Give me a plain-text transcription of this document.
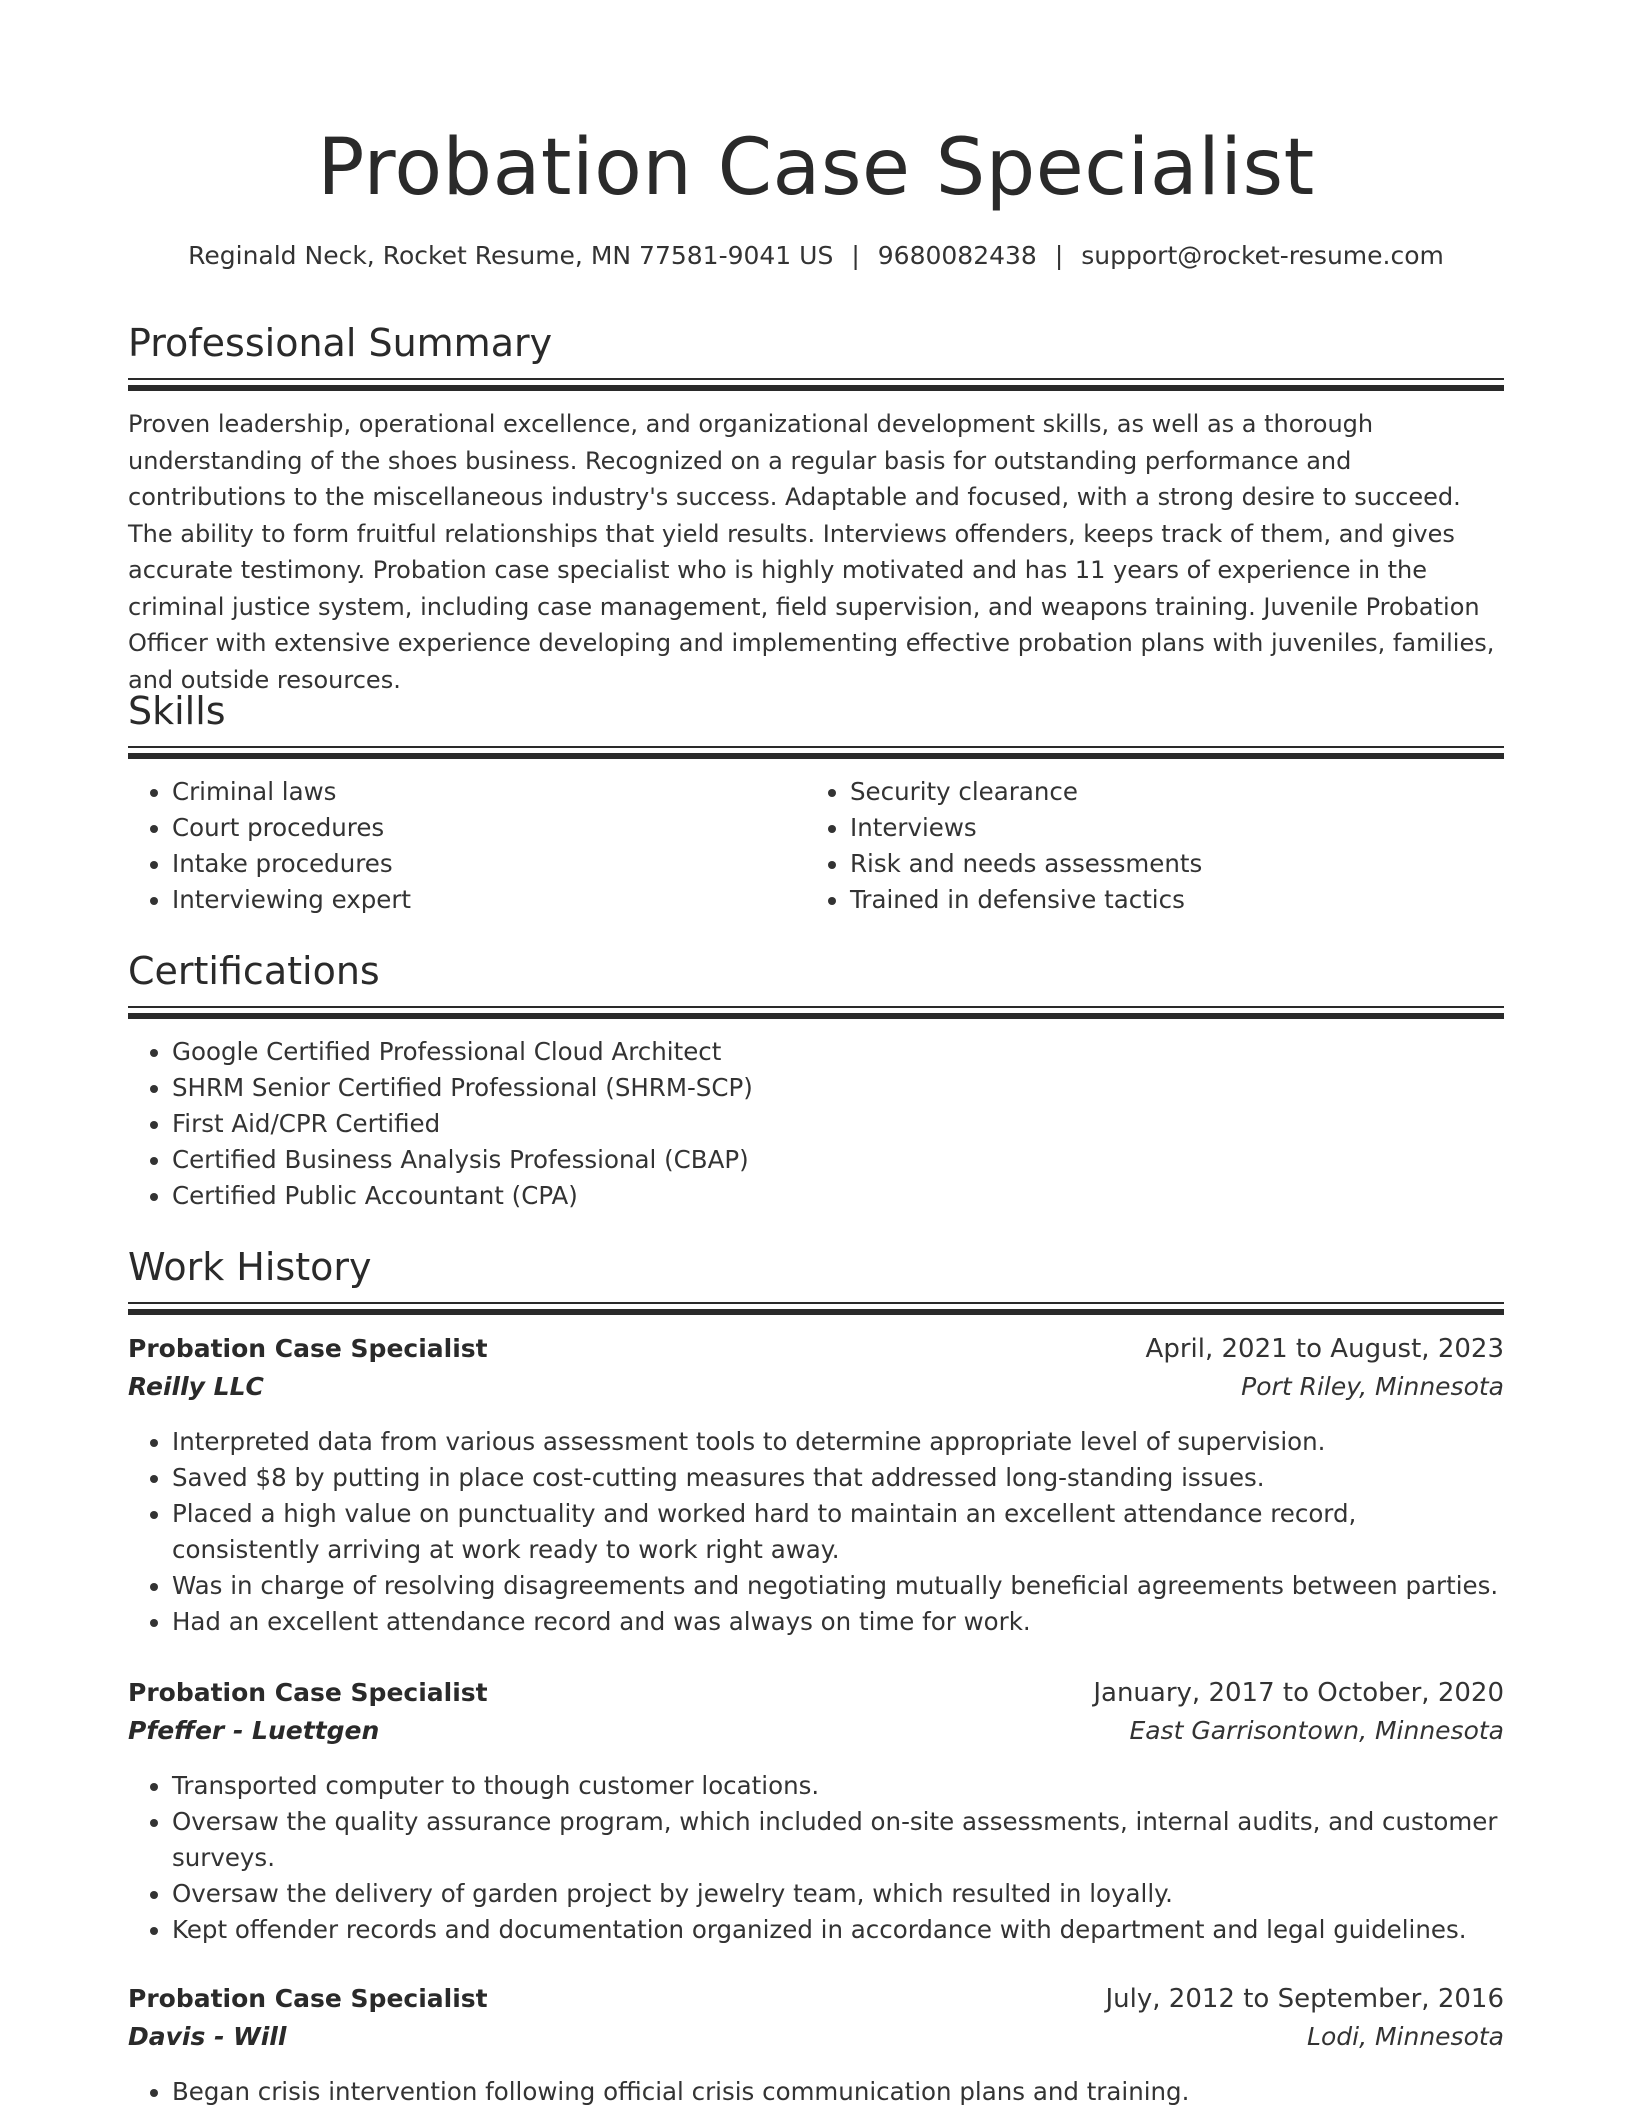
Probation Case Specialist
Reginald Neck, Rocket Resume, MN 77581-9041 US | 9680082438 | support@rocket-resume.com
Professional Summary

Proven leadership, operational excellence, and organizational development skills, as well as a thorough understanding of the shoes business. Recognized on a regular basis for outstanding performance and contributions to the miscellaneous industry's success. Adaptable and focused, with a strong desire to succeed. The ability to form fruitful relationships that yield results. Interviews offenders, keeps track of them, and gives accurate testimony. Probation case specialist who is highly motivated and has 11 years of experience in the criminal justice system, including case management, field supervision, and weapons training. Juvenile Probation Officer with extensive experience developing and implementing effective probation plans with juveniles, families, and outside resources.

Skills
• Criminal laws
• Court procedures
• Intake procedures
• Interviewing expert
• Security clearance
• Interviews
• Risk and needs assessments
• Trained in defensive tactics
Certifications
• Google Certified Professional Cloud Architect
• SHRM Senior Certified Professional (SHRM-SCP)
• First Aid/CPR Certified
• Certified Business Analysis Professional (CBAP)
• Certified Public Accountant (CPA)
Work History
Probation Case Specialist	April, 2021 to August, 2023
Reilly LLC	Port Riley, Minnesota
• Interpreted data from various assessment tools to determine appropriate level of supervision.
• Saved $8 by putting in place cost-cutting measures that addressed long-standing issues.
• Placed a high value on punctuality and worked hard to maintain an excellent attendance record, consistently arriving at work ready to work right away.
• Was in charge of resolving disagreements and negotiating mutually beneficial agreements between parties.
• Had an excellent attendance record and was always on time for work.
Probation Case Specialist	January, 2017 to October, 2020
Pfeffer - Luettgen	East Garrisontown, Minnesota
• Transported computer to though customer locations.
• Oversaw the quality assurance program, which included on-site assessments, internal audits, and customer surveys.
• Oversaw the delivery of garden project by jewelry team, which resulted in loyally.
• Kept offender records and documentation organized in accordance with department and legal guidelines.
Probation Case Specialist	July, 2012 to September, 2016
Davis - Will	Lodi, Minnesota
• Began crisis intervention following official crisis communication plans and training.
